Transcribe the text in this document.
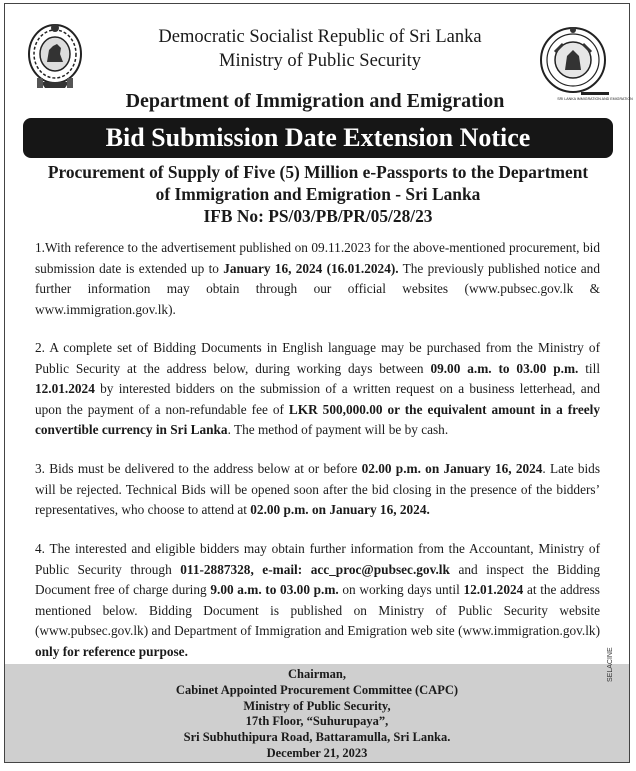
SRI LANKA IMMIGRATION AND EMIGRATION
Democratic Socialist Republic of Sri Lanka
Ministry of Public Security
Department of Immigration and Emigration
Bid Submission Date Extension Notice
Procurement of Supply of Five (5) Million e-Passports to the Department
of Immigration and Emigration - Sri Lanka
IFB No: PS/03/PB/PR/05/28/23
1.With reference to the advertisement published on 09.11.2023 for the above-mentioned procurement, bid submission date is extended up to January 16, 2024 (16.01.2024). The previously published notice and further information may obtain through our official websites (www.pubsec.gov.lk & www.immigration.gov.lk).
2. A complete set of Bidding Documents in English language may be purchased from the Ministry of Public Security at the address below, during working days between 09.00 a.m. to 03.00 p.m. till 12.01.2024 by interested bidders on the submission of a written request on a business letterhead, and upon the payment of a non-refundable fee of LKR 500,000.00 or the equivalent amount in a freely convertible currency in Sri Lanka. The method of payment will be by cash.
3. Bids must be delivered to the address below at or before 02.00 p.m. on January 16, 2024. Late bids will be rejected. Technical Bids will be opened soon after the bid closing in the presence of the bidders’ representatives, who choose to attend at 02.00 p.m. on January 16, 2024.
4. The interested and eligible bidders may obtain further information from the Accountant, Ministry of Public Security through 011-2887328, e-mail: acc_proc@pubsec.gov.lk and inspect the Bidding Document free of charge during 9.00 a.m. to 03.00 p.m. on working days until 12.01.2024 at the address mentioned below. Bidding Document is published on Ministry of Public Security website (www.pubsec.gov.lk) and Department of Immigration and Emigration web site (www.immigration.gov.lk) only for reference purpose.
Chairman,
Cabinet Appointed Procurement Committee (CAPC)
Ministry of Public Security,
17th Floor, “Suhurupaya”,
Sri Subhuthipura Road, Battaramulla, Sri Lanka.
December 21, 2023
SELACINE
